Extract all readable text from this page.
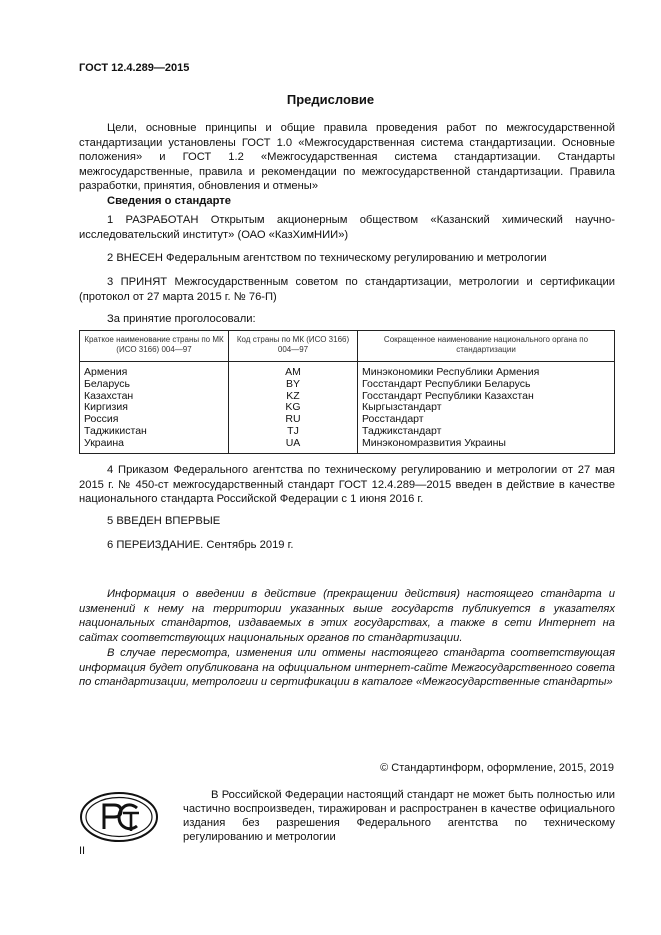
ГОСТ 12.4.289—2015
Предисловие

Цели, основные принципы и общие правила проведения работ по межгосударственной стандартизации установлены ГОСТ 1.0 «Межгосударственная система стандартизации. Основные положения» и ГОСТ 1.2 «Межгосударственная система стандартизации. Стандарты межгосударственные, правила и рекомендации по межгосударственной стандартизации. Правила разработки, принятия, обновления и отмены»

Сведения о стандарте

1 РАЗРАБОТАН Открытым акционерным обществом «Казанский химический научно-исследовательский институт» (ОАО «КазХимНИИ»)

2 ВНЕСЕН Федеральным агентством по техническому регулированию и метрологии

3 ПРИНЯТ Межгосударственным советом по стандартизации, метрологии и сертификации (протокол от 27 марта 2015 г. № 76-П)

За принятие проголосовали:

Краткое наименование страны по МК (ИСО 3166) 004—97	Код страны по МК (ИСО 3166) 004—97	Сокращенное наименование национального органа по стандартизации
Армения	AM	Минэкономики Республики Армения
Беларусь	BY	Госстандарт Республики Беларусь
Казахстан	KZ	Госстандарт Республики Казахстан
Киргизия	KG	Кыргызстандарт
Россия	RU	Росстандарт
Таджикистан	TJ	Таджикстандарт
Украина	UA	Минэкономразвития Украины

4 Приказом Федерального агентства по техническому регулированию и метрологии от 27 мая 2015 г. № 450-ст межгосударственный стандарт ГОСТ 12.4.289—2015 введен в действие в качестве национального стандарта Российской Федерации с 1 июня 2016 г.

5 ВВЕДЕН ВПЕРВЫЕ

6 ПЕРЕИЗДАНИЕ. Сентябрь 2019 г.

Информация о введении в действие (прекращении действия) настоящего стандарта и изменений к нему на территории указанных выше государств публикуется в указателях национальных стандартов, издаваемых в этих государствах, а также в сети Интернет на сайтах соответствующих национальных органов по стандартизации.

В случае пересмотра, изменения или отмены настоящего стандарта соответствующая информация будет опубликована на официальном интернет-сайте Межгосударственного совета по стандартизации, метрологии и сертификации в каталоге «Межгосударственные стандарты»

© Стандартинформ, оформление, 2015, 2019

В Российской Федерации настоящий стандарт не может быть полностью или частично воспроизведен, тиражирован и распространен в качестве официального издания без разрешения Федерального агентства по техническому регулированию и метрологии

II
